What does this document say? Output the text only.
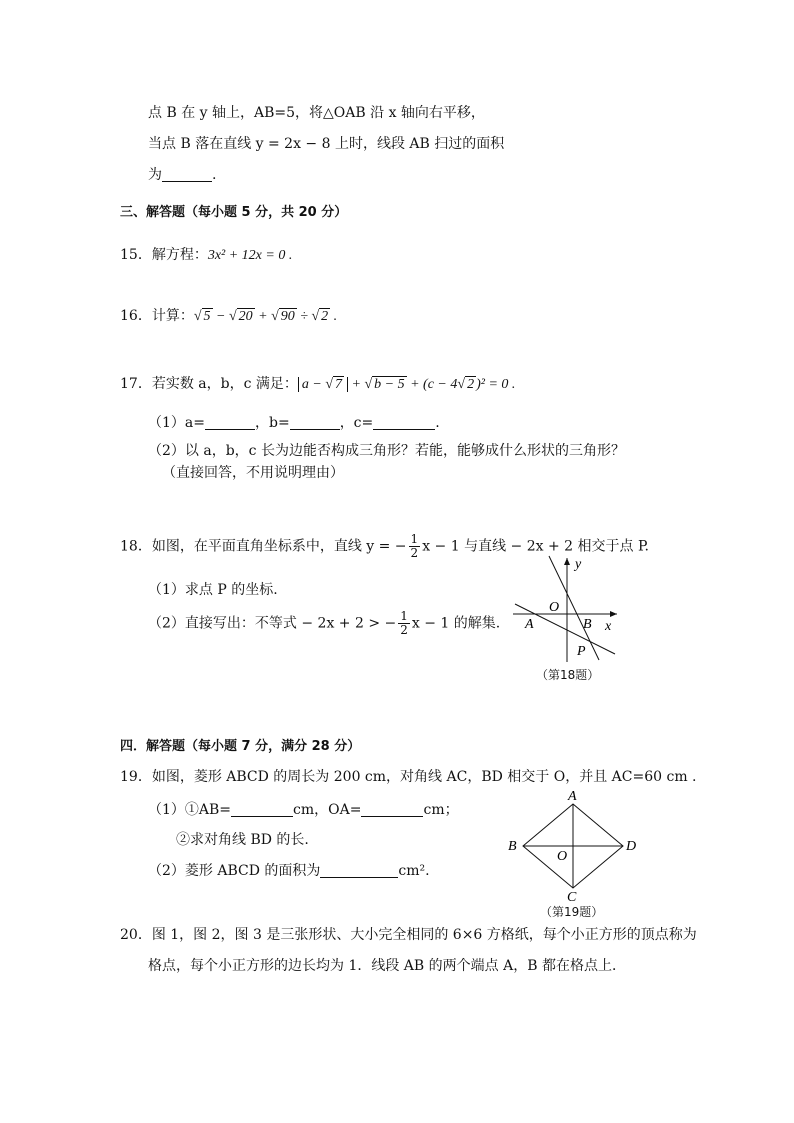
点 B 在 y 轴上，AB=5，将△OAB 沿 x 轴向右平移，
当点 B 落在直线 y = 2x − 8 上时，线段 AB 扫过的面积
为	.
三、解答题（每小题 5 分，共 20 分）
15．解方程：3x² + 12x = 0 .
16．计算：√ 5 − √ 20 + √ 90 ÷ √ 2 .
17．若实数 a，b，c 满足： a − √ 7 + √ b − 5 + (c − 4√ 2 )² = 0 .
（1）a=	，b=	，c=	.
（2）以 a，b，c 长为边能否构成三角形？若能，能够成什么形状的三角形？
（直接回答，不用说明理由）
18．如图，在平面直角坐标系中，直线 y = − $\frac{1}{2}$ x − 1 与直线 − 2x + 2 相交于点 P.
（1）求点 P 的坐标.
（2）直接写出：不等式 − 2x + 2 > − $\frac{1}{2}$ x − 1 的解集.
y
x
O
A	B
P
（第18题）
四．解答题（每小题 7 分，满分 28 分）
19．如图，菱形 ABCD 的周长为 200 cm，对角线 AC，BD 相交于 O，并且 AC=60 cm .
（1）①AB=	cm，OA=	cm；
②求对角线 BD 的长.
（2）菱形 ABCD 的面积为	cm².
A
B
C
D
O
（第19题）
20．图 1，图 2，图 3 是三张形状、大小完全相同的 6×6 方格纸，每个小正方形的顶点称为
格点，每个小正方形的边长均为 1．线段 AB 的两个端点 A，B 都在格点上．
